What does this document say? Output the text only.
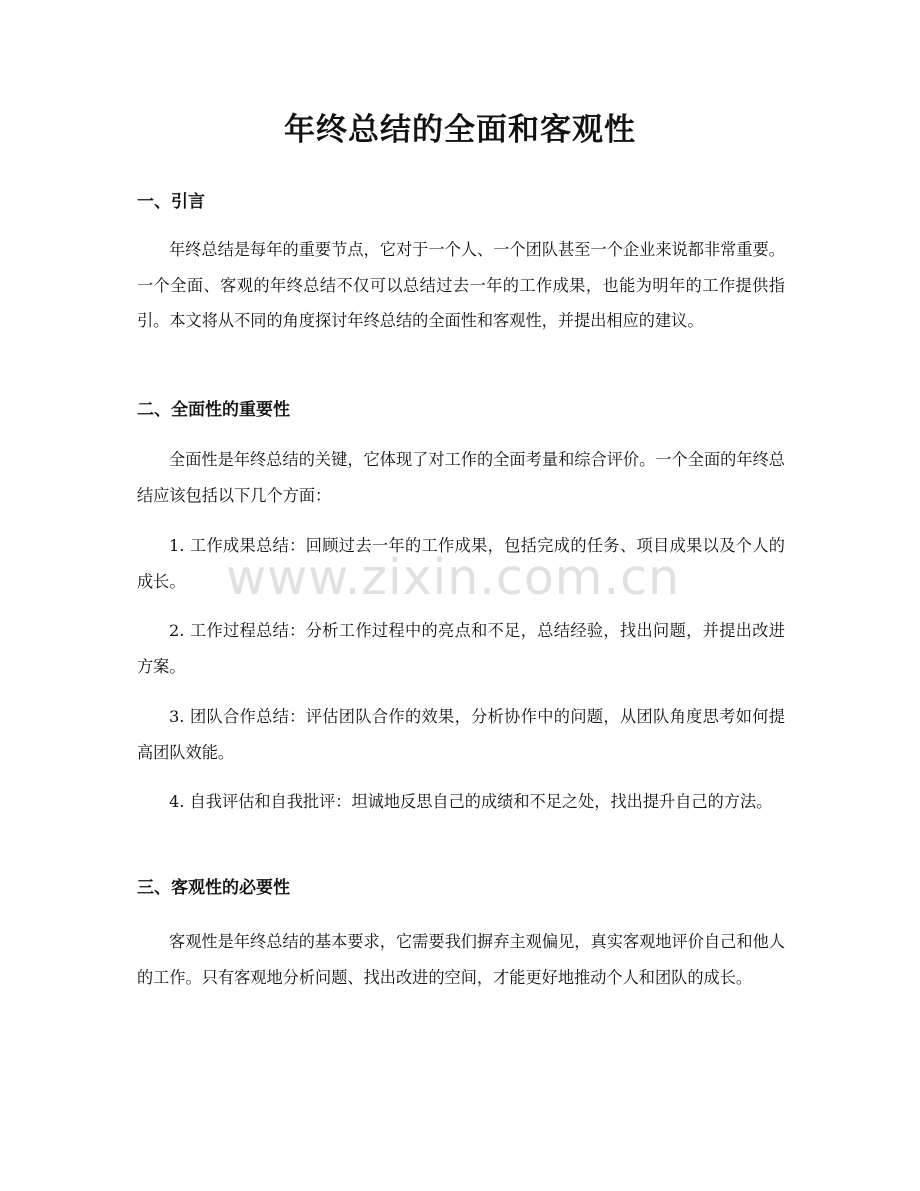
年终总结的全面和客观性
一、引言

年终总结是每年的重要节点，它对于一个人、一个团队甚至一个企业来说都非常重要。一个全面、客观的年终总结不仅可以总结过去一年的工作成果，也能为明年的工作提供指引。本文将从不同的角度探讨年终总结的全面性和客观性，并提出相应的建议。

二、全面性的重要性

全面性是年终总结的关键，它体现了对工作的全面考量和综合评价。一个全面的年终总结应该包括以下几个方面：

1. 工作成果总结：回顾过去一年的工作成果，包括完成的任务、项目成果以及个人的成长。

2. 工作过程总结：分析工作过程中的亮点和不足，总结经验，找出问题，并提出改进方案。

3. 团队合作总结：评估团队合作的效果，分析协作中的问题，从团队角度思考如何提高团队效能。

4. 自我评估和自我批评：坦诚地反思自己的成绩和不足之处，找出提升自己的方法。

三、客观性的必要性

客观性是年终总结的基本要求，它需要我们摒弃主观偏见，真实客观地评价自己和他人的工作。只有客观地分析问题、找出改进的空间，才能更好地推动个人和团队的成长。

www.zixin.com.cn
